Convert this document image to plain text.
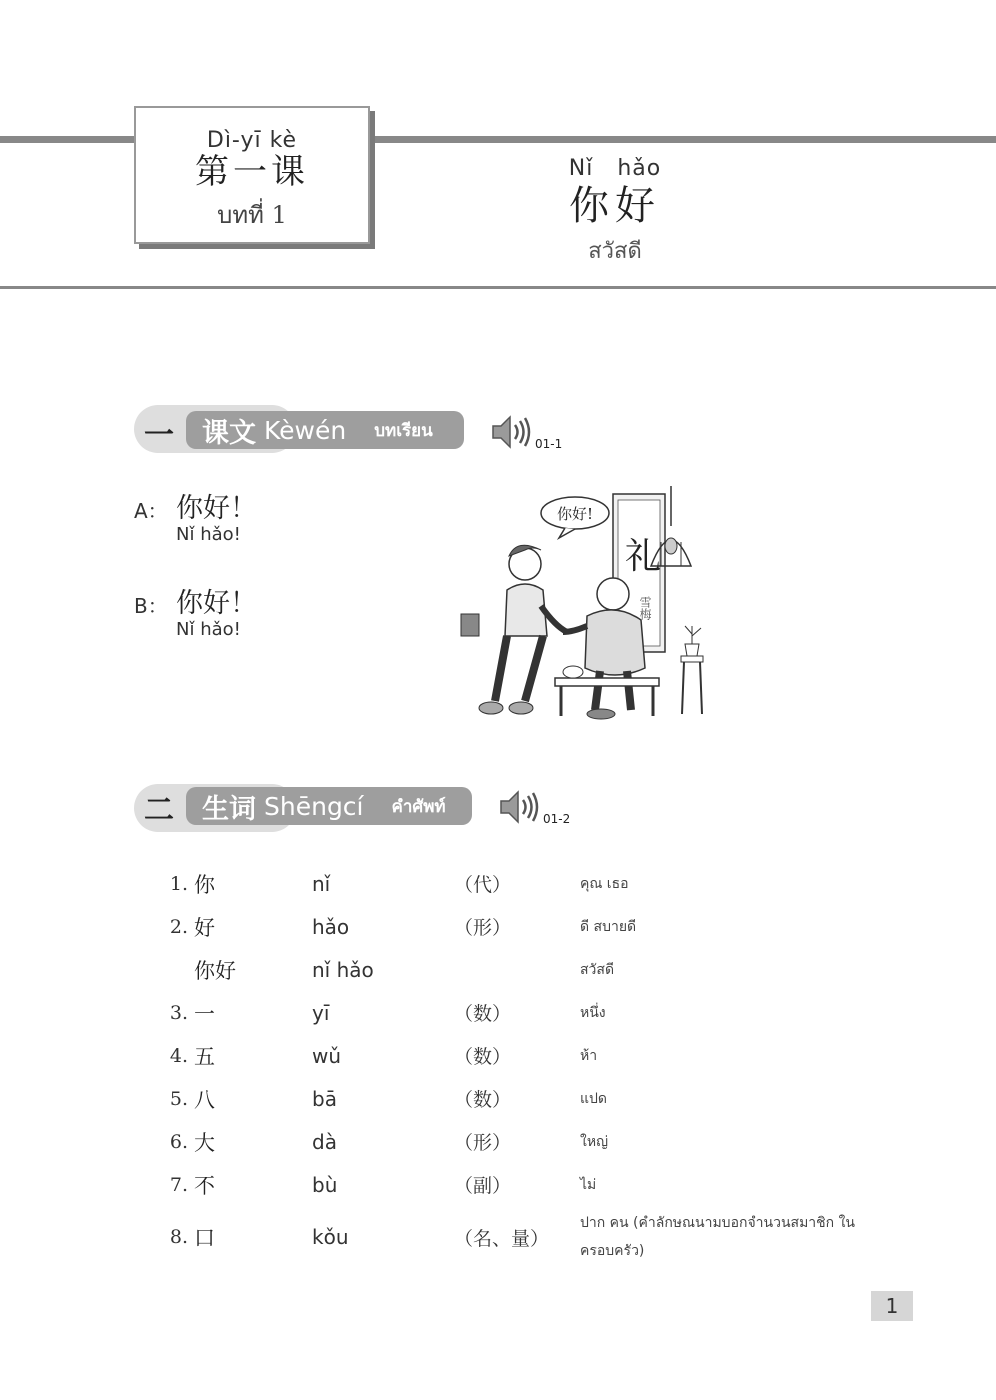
Dì-yī kè
第一课
บทที่ 1
Nǐ   hǎo
你好
สวัสดี
一 课文 Kèwén บทเรียน
01-1
A： 你好！
Nǐ hǎo!
B： 你好！
Nǐ hǎo!
礼
雪梅
你好!
二 生词 Shēngcí คำศัพท์
01-2
1.	你	nǐ	（代）	คุณ เธอ
2.	好	hǎo	（形）	ดี สบายดี
	你好	nǐ hǎo		สวัสดี
3.	一	yī	（数）	หนึ่ง
4.	五	wǔ	（数）	ห้า
5.	八	bā	（数）	แปด
6.	大	dà	（形）	ใหญ่
7.	不	bù	（副）	ไม่
8.	口	kǒu	（名、量）	ปาก คน (คำลักษณนามบอกจำนวนสมาชิก ในครอบครัว)
1
